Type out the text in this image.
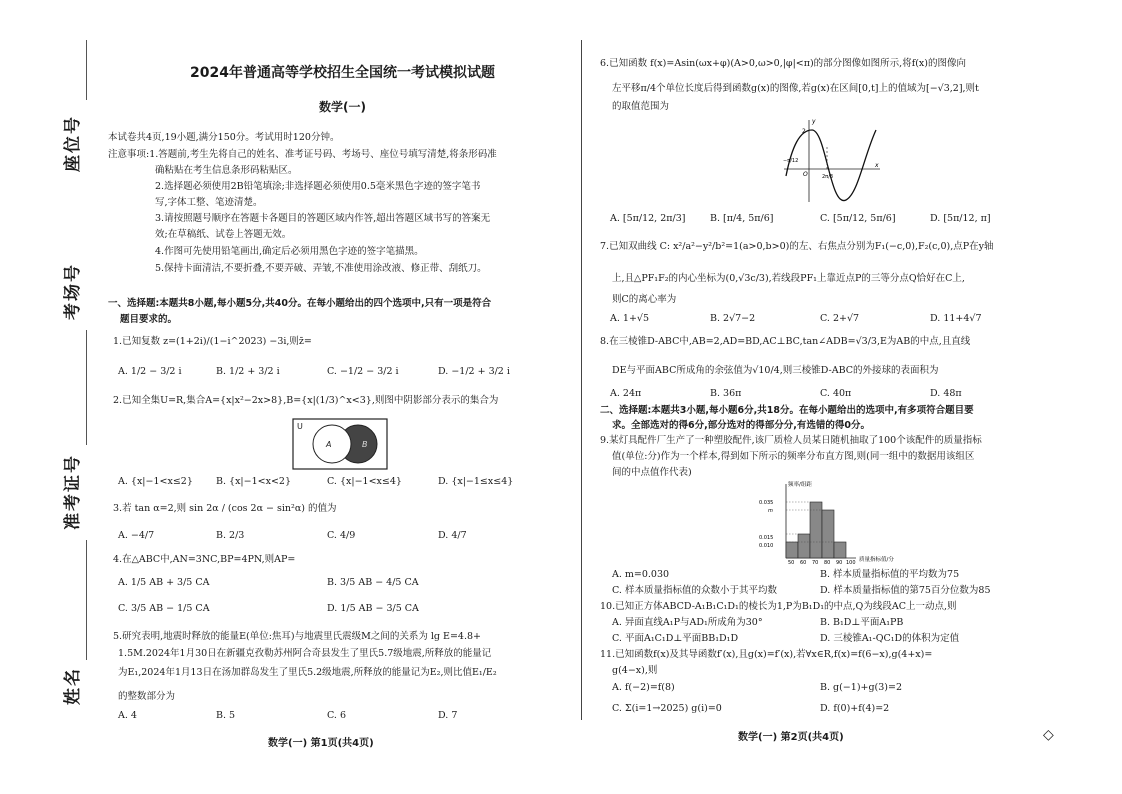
座位号
考场号
准考证号
姓名
2024年普通高等学校招生全国统一考试模拟试题
数学(一)
本试卷共4页,19小题,满分150分。考试用时120分钟。
注意事项:1.答题前,考生先将自己的姓名、准考证号码、考场号、座位号填写清楚,将条形码准
确粘贴在考生信息条形码粘贴区。
2.选择题必须使用2B铅笔填涂;非选择题必须使用0.5毫米黑色字迹的签字笔书
写,字体工整、笔迹清楚。
3.请按照题号顺序在答题卡各题目的答题区域内作答,超出答题区域书写的答案无
效;在草稿纸、试卷上答题无效。
4.作图可先使用铅笔画出,确定后必须用黑色字迹的签字笔描黑。
5.保持卡面清洁,不要折叠,不要弄破、弄皱,不准使用涂改液、修正带、刮纸刀。
一、选择题:本题共8小题,每小题5分,共40分。在每小题给出的四个选项中,只有一项是符合
题目要求的。
1.已知复数 z=(1+2i)/(1−i^2023) −3i,则z̄=
A. 1/2 − 3/2 i	B. 1/2 + 3/2 i	C. −1/2 − 3/2 i	D. −1/2 + 3/2 i
2.已知全集U=R,集合A={x|x²−2x>8},B={x|(1/3)^x<3},则图中阴影部分表示的集合为
U
A	B
A. {x|−1<x≤2} B. {x|−1<x<2}	C. {x|−1<x≤4}	D. {x|−1≤x≤4}
3.若 tan α=2,则 sin 2α / (cos 2α − sin²α) 的值为
A. −4/7	B. 2/3	C. 4/9	D. 4/7
4.在△ABC中,AN=3NC,BP=4PN,则AP=
A. 1/5 AB + 3/5 CA	B. 3/5 AB − 4/5 CA
C. 3/5 AB − 1/5 CA	D. 1/5 AB − 3/5 CA
5.研究表明,地震时释放的能量E(单位:焦耳)与地震里氏震级M之间的关系为 lg E=4.8+
1.5M.2024年1月30日在新疆克孜勒苏州阿合奇县发生了里氏5.7级地震,所释放的能量记
为E₁,2024年1月13日在汤加群岛发生了里氏5.2级地震,所释放的能量记为E₂,则比值E₁/E₂
的整数部分为
A. 4	B. 5	C. 6	D. 7
数学(一) 第1页(共4页)
6.已知函数 f(x)=Asin(ωx+φ)(A>0,ω>0,|φ|<π)的部分图像如图所示,将f(x)的图像向
左平移π/4个单位长度后得到函数g(x)的图像,若g(x)在区间[0,t]上的值域为[−√3,2],则t
的取值范围为
y
x
O
2
−π/12
2π/3
A. [5π/12, 2π/3]	B. [π/4, 5π/6]	C. [5π/12, 5π/6]	D. [5π/12, π]
7.已知双曲线 C: x²/a²−y²/b²=1(a>0,b>0)的左、右焦点分别为F₁(−c,0),F₂(c,0),点P在y轴
上,且△PF₁F₂的内心坐标为(0,√3c/3),若线段PF₁上靠近点P的三等分点Q恰好在C上,
则C的离心率为
A. 1+√5	B. 2√7−2	C. 2+√7	D. 11+4√7
8.在三棱锥D-ABC中,AB=2,AD=BD,AC⊥BC,tan∠ADB=√3/3,E为AB的中点,且直线
DE与平面ABC所成角的余弦值为√10/4,则三棱锥D-ABC的外接球的表面积为
A. 24π	B. 36π	C. 40π	D. 48π
二、选择题:本题共3小题,每小题6分,共18分。在每小题给出的选项中,有多项符合题目要
求。全部选对的得6分,部分选对的得部分分,有选错的得0分。
9.某灯具配件厂生产了一种塑胶配件,该厂质检人员某日随机抽取了100个该配件的质量指标
值(单位:分)作为一个样本,得到如下所示的频率分布直方图,则(同一组中的数据用该组区
间的中点值作代表)
频率/组距
质量指标值/分
0.035
m
0.015
0.010
50 60 70 80 90 100
A. m=0.030	B. 样本质量指标值的平均数为75
C. 样本质量指标值的众数小于其平均数	D. 样本质量指标值的第75百分位数为85
10.已知正方体ABCD-A₁B₁C₁D₁的棱长为1,P为B₁D₁的中点,Q为线段AC上一动点,则
A. 异面直线A₁P与AD₁所成角为30°	B. B₁D⊥平面A₁PB
C. 平面A₁C₁D⊥平面BB₁D₁D	D. 三棱锥A₁-QC₁D的体积为定值
11.已知函数f(x)及其导函数f′(x),且g(x)=f′(x),若∀x∈R,f(x)=f(6−x),g(4+x)=
g(4−x),则
A. f(−2)=f(8)	B. g(−1)+g(3)=2
C. Σ(i=1→2025) g(i)=0	D. f(0)+f(4)=2
数学(一) 第2页(共4页)	◇
